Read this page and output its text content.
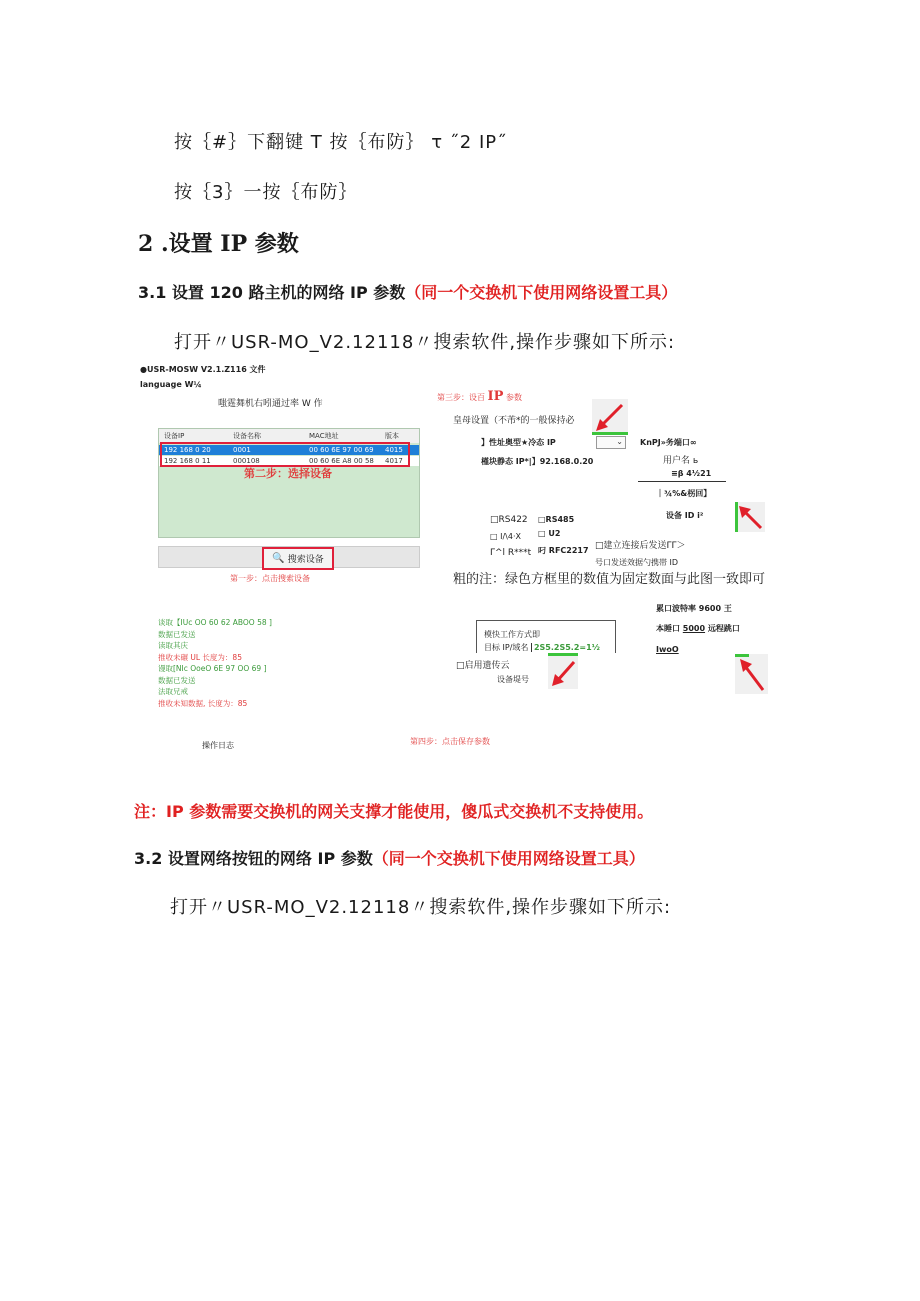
按｛#｝下翻键 T 按｛布防｝ τ ˝2 IP˝
按｛3｝一按｛布防｝
2 .设置 IP 参数
3.1 设置 120 路主机的网络 IP 参数（同一个交换机下使用网络设置工具）
打开〃USR-MO_V2.12118〃搜索软件,操作步骤如下所示:
●USR-MOSW V2.1.Z116 文件
language W¼
嗤霆舞机右吲通过率 W 作
设备IP	设备名称	MAC地址	版本
192 168 0 20	0001	00 60 6E 97 00 69 4015
192 168 0 11	000108	00 60 6E A8 00 58 4017
第二步：选择设备
🔍 搜索设备
第一步：点击搜索设备
谈取【IUc OO 60 62 ABOO 58 ]
数据已发送
读取其庆
推收未碾 UL 长度为：85
谩取[NIc OoeO 6E 97 OO 69 ]
数据已发送
法取兄戒
推收未知数据, 长度为：85
操作日志
第三步：设百 IP 参数
皇母设置（不芾*的一般保持必
⌄
】性址奥型★冷态 IP
槿块静态 IP*|】92.168.0.20
KnPJ»务端口∞
用户名 ь
≡β 4½21
｜¾%&柺回】
设备 ID i²
□RS422 □RS485
□ I/\4·X □ U2
Γ^l R***t 叼 RFC2217 □建立连接后发送ΓΓ＞
号口发送效据勺携帯 ID
粗的注：绿色方框里的数值为固定数面与此图一致即可
累口波特率 9600 王
本睡口 5000 远程跳口
IwoO
模快工作方式即
目标 IP/域名 2S5.2S5.2=1½
□启用遗传云
设备堤号
第四步：点击保存参数
注：IP 参数需要交换机的网关支撑才能使用，傻瓜式交换机不支持使用。
3.2 设置网络按钮的网络 IP 参数（同一个交换机下使用网络设置工具）
打开〃USR-MO_V2.12118〃搜索软件,操作步骤如下所示:
